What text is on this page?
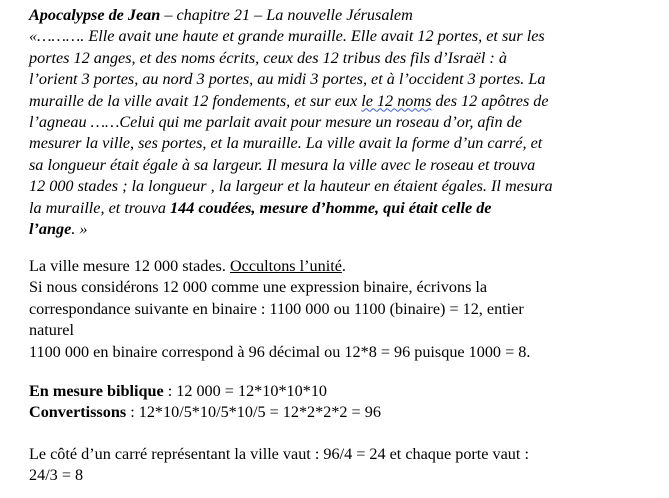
Apocalypse de Jean – chapitre 21 – La nouvelle Jérusalem
«………. Elle avait une haute et grande muraille. Elle avait 12 portes, et sur les
portes 12 anges, et des noms écrits, ceux des 12 tribus des fils d’Israël : à
l’orient 3 portes, au nord 3 portes, au midi 3 portes, et à l’occident 3 portes. La
muraille de la ville avait 12 fondements, et sur eux le 12 noms des 12 apôtres de
l’agneau ……Celui qui me parlait avait pour mesure un roseau d’or, afin de
mesurer la ville, ses portes, et la muraille. La ville avait la forme d’un carré, et
sa longueur était égale à sa largeur. Il mesura la ville avec le roseau et trouva
12 000 stades ; la longueur , la largeur et la hauteur en étaient égales. Il mesura
la muraille, et trouva 144 coudées, mesure d’homme, qui était celle de
l’ange. »
La ville mesure 12 000 stades. Occultons l’unité.
Si nous considérons 12 000 comme une expression binaire, écrivons la
correspondance suivante en binaire : 1100 000 ou 1100 (binaire) = 12, entier
naturel
1100 000 en binaire correspond à 96 décimal ou 12*8 = 96 puisque 1000 = 8.
En mesure biblique : 12 000 = 12*10*10*10
Convertissons : 12*10/5*10/5*10/5 = 12*2*2*2 = 96
Le côté d’un carré représentant la ville vaut : 96/4 = 24 et chaque porte vaut :
24/3 = 8
